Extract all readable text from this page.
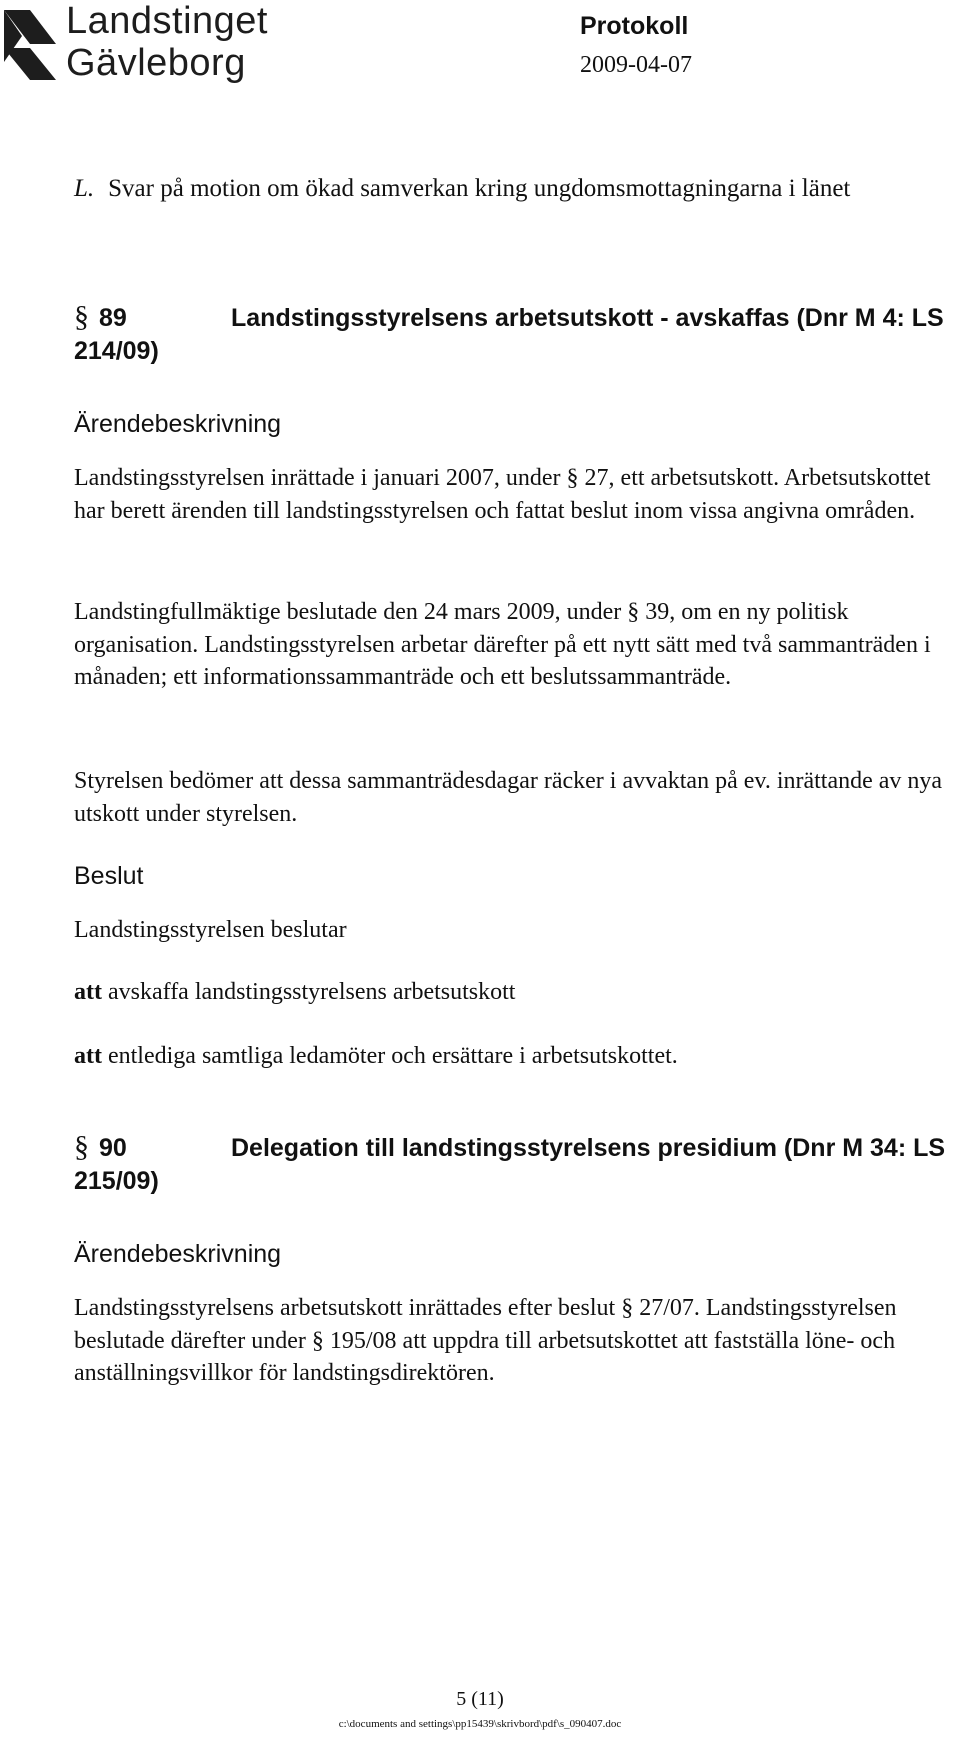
Landstinget
Gävleborg
Protokoll
2009-04-07
L. Svar på motion om ökad samverkan kring ungdomsmottagningarna i länet
§ 89	Landstingsstyrelsens arbetsutskott - avskaffas (Dnr M 4: LS 214/09)
Ärendebeskrivning

Landstingsstyrelsen inrättade i januari 2007, under § 27, ett arbetsutskott. Arbetsutskottet har berett ärenden till landstingsstyrelsen och fattat beslut inom vissa angivna områden.

Landstingfullmäktige beslutade den 24 mars 2009, under § 39, om en ny politisk organisation. Landstingsstyrelsen arbetar därefter på ett nytt sätt med två sammanträden i månaden; ett informationssammanträde och ett beslutssammanträde.

Styrelsen bedömer att dessa sammanträdesdagar räcker i avvaktan på ev. inrättande av nya utskott under styrelsen.

Beslut

Landstingsstyrelsen beslutar

att avskaffa landstingsstyrelsens arbetsutskott

att entlediga samtliga ledamöter och ersättare i arbetsutskottet.

§ 90	Delegation till landstingsstyrelsens presidium (Dnr M 34: LS 215/09)
Ärendebeskrivning

Landstingsstyrelsens arbetsutskott inrättades efter beslut § 27/07. Landstingsstyrelsen beslutade därefter under § 195/08 att uppdra till arbetsutskottet att fastställa löne- och anställningsvillkor för landstingsdirektören.

5 (11)
c:\documents and settings\pp15439\skrivbord\pdf\s_090407.doc
